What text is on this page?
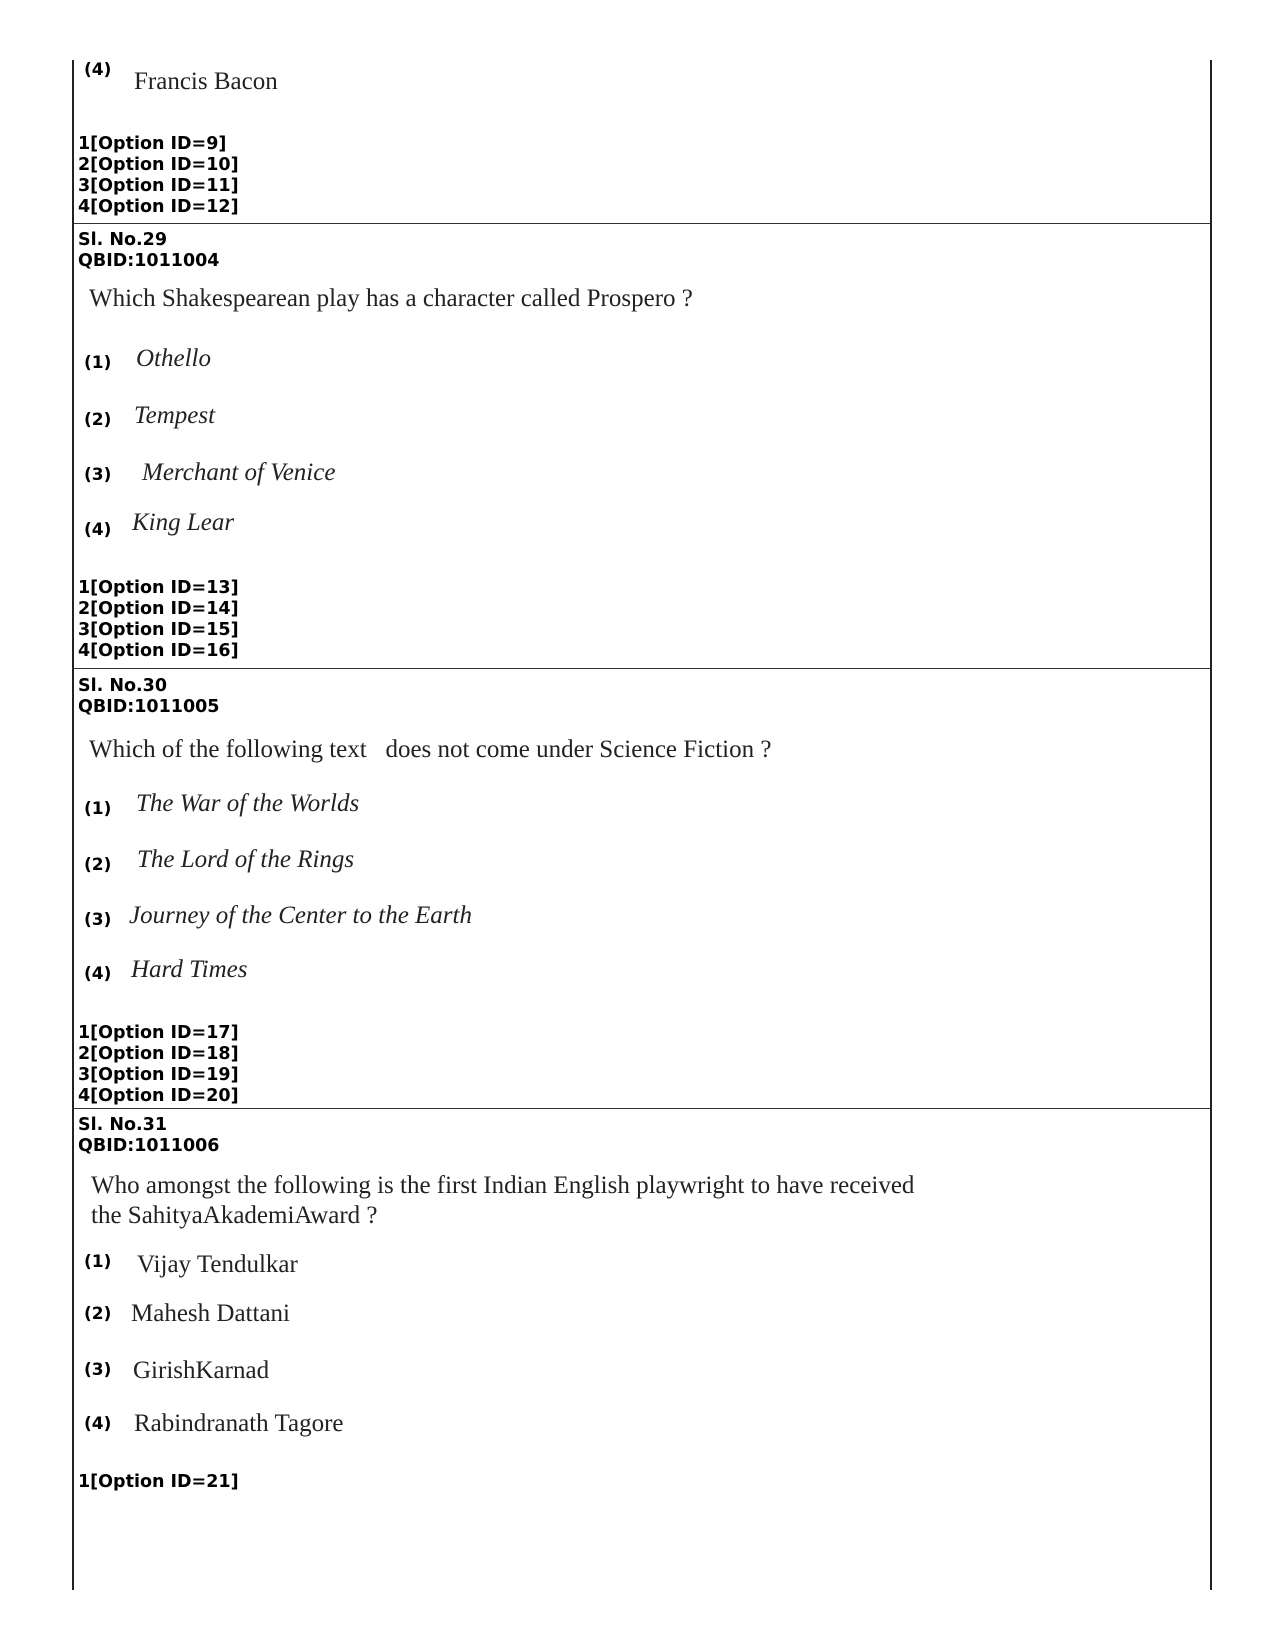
(4) Francis Bacon
1[Option ID=9]
2[Option ID=10]
3[Option ID=11]
4[Option ID=12]
Sl. No.29
QBID:1011004
Which Shakespearean play has a character called Prospero ?
(1) Othello
(2) Tempest
(3) Merchant of Venice
(4) King Lear
1[Option ID=13]
2[Option ID=14]
3[Option ID=15]
4[Option ID=16]
Sl. No.30
QBID:1011005
Which of the following text   does not come under Science Fiction ?
(1) The War of the Worlds
(2) The Lord of the Rings
(3) Journey of the Center to the Earth
(4) Hard Times
1[Option ID=17]
2[Option ID=18]
3[Option ID=19]
4[Option ID=20]
Sl. No.31
QBID:1011006
Who amongst the following is the first Indian English playwright to have received
the SahityaAkademiAward ?
(1) Vijay Tendulkar
(2) Mahesh Dattani
(3) GirishKarnad
(4) Rabindranath Tagore
1[Option ID=21]
